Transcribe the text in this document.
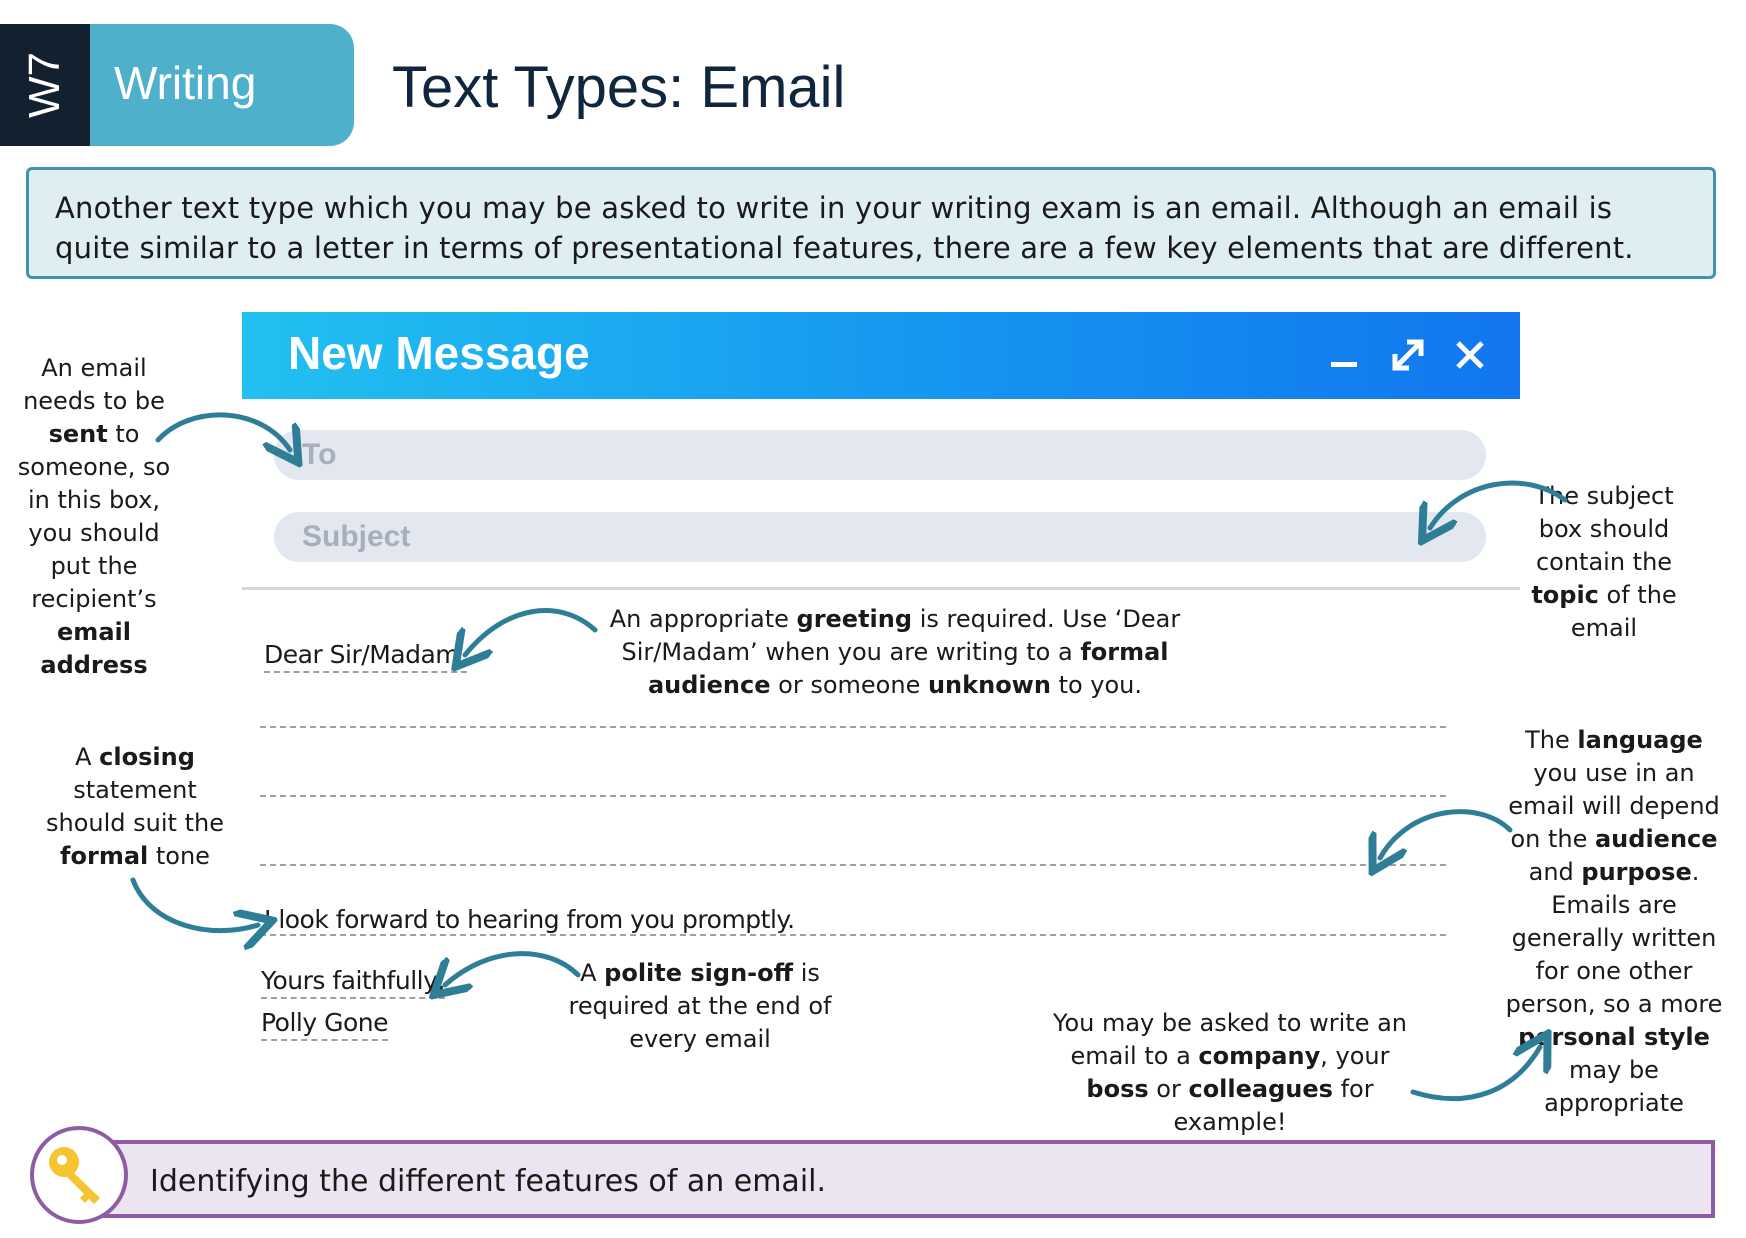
W7 Writing Text Types: Email
Another text type which you may be asked to write in your writing exam is an email. Although an email is quite similar to a letter in terms of presentational features, there are a few key elements that are different.
New Message
To
Subject
Dear Sir/Madam,
I look forward to hearing from you promptly.
Yours faithfully,
Polly Gone
An email needs to be sent to someone, so in this box, you should put the recipient’s email address
The subject box should contain the topic of the email
An appropriate greeting is required. Use ‘Dear Sir/Madam’ when you are writing to a formal audience or someone unknown to you.
A closing statement should suit the formal tone
The language you use in an email will depend on the audience and purpose. Emails are generally written for one other person, so a more personal style may be appropriate
A polite sign-off is required at the end of every email
You may be asked to write an email to a company, your boss or colleagues for example!
Identifying the different features of an email.
